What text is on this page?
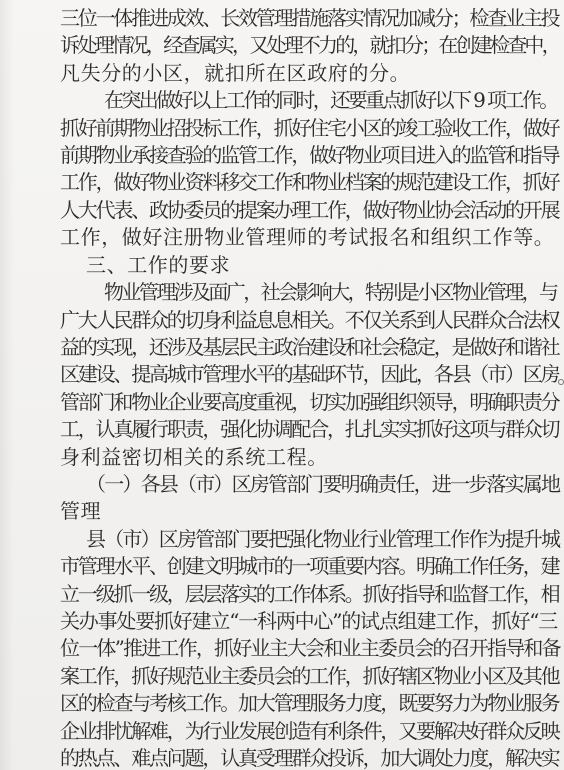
三位一体推进成效、长效管理措施落实情况加减分；检查业主投
诉处理情况，经查属实，又处理不力的，就扣分；在创建检查中，
凡失分的小区，就扣所在区政府的分。
在突出做好以上工作的同时，还要重点抓好以下 9 项工作。
抓好前期物业招投标工作，抓好住宅小区的竣工验收工作，做好
前期物业承接查验的监管工作，做好物业项目进入的监管和指导
工作，做好物业资料移交工作和物业档案的规范建设工作，抓好
人大代表、政协委员的提案办理工作，做好物业协会活动的开展
工作，做好注册物业管理师的考试报名和组织工作等。
三、工作的要求
物业管理涉及面广，社会影响大，特别是小区物业管理，与
广大人民群众的切身利益息息相关。不仅关系到人民群众合法权
益的实现，还涉及基层民主政治建设和社会稳定，是做好和谐社
区建设、提高城市管理水平的基础环节，因此，各县（市）区房
管部门和物业企业要高度重视，切实加强组织领导，明确职责分
工，认真履行职责，强化协调配合，扎扎实实抓好这项与群众切
身利益密切相关的系统工程。
（一）各县（市）区房管部门要明确责任，进一步落实属地
管理
县（市）区房管部门要把强化物业行业管理工作作为提升城
市管理水平、创建文明城市的一项重要内容。明确工作任务，建
立一级抓一级，层层落实的工作体系。抓好指导和监督工作，相
关办事处要抓好建立“一科两中心”的试点组建工作，抓好“三
位一体”推进工作，抓好业主大会和业主委员会的召开指导和备
案工作，抓好规范业主委员会的工作，抓好辖区物业小区及其他
区的检查与考核工作。加大管理服务力度，既要努力为物业服务
企业排忧解难，为行业发展创造有利条件，又要解决好群众反映
的热点、难点问题，认真受理群众投诉，加大调处力度，解决实
